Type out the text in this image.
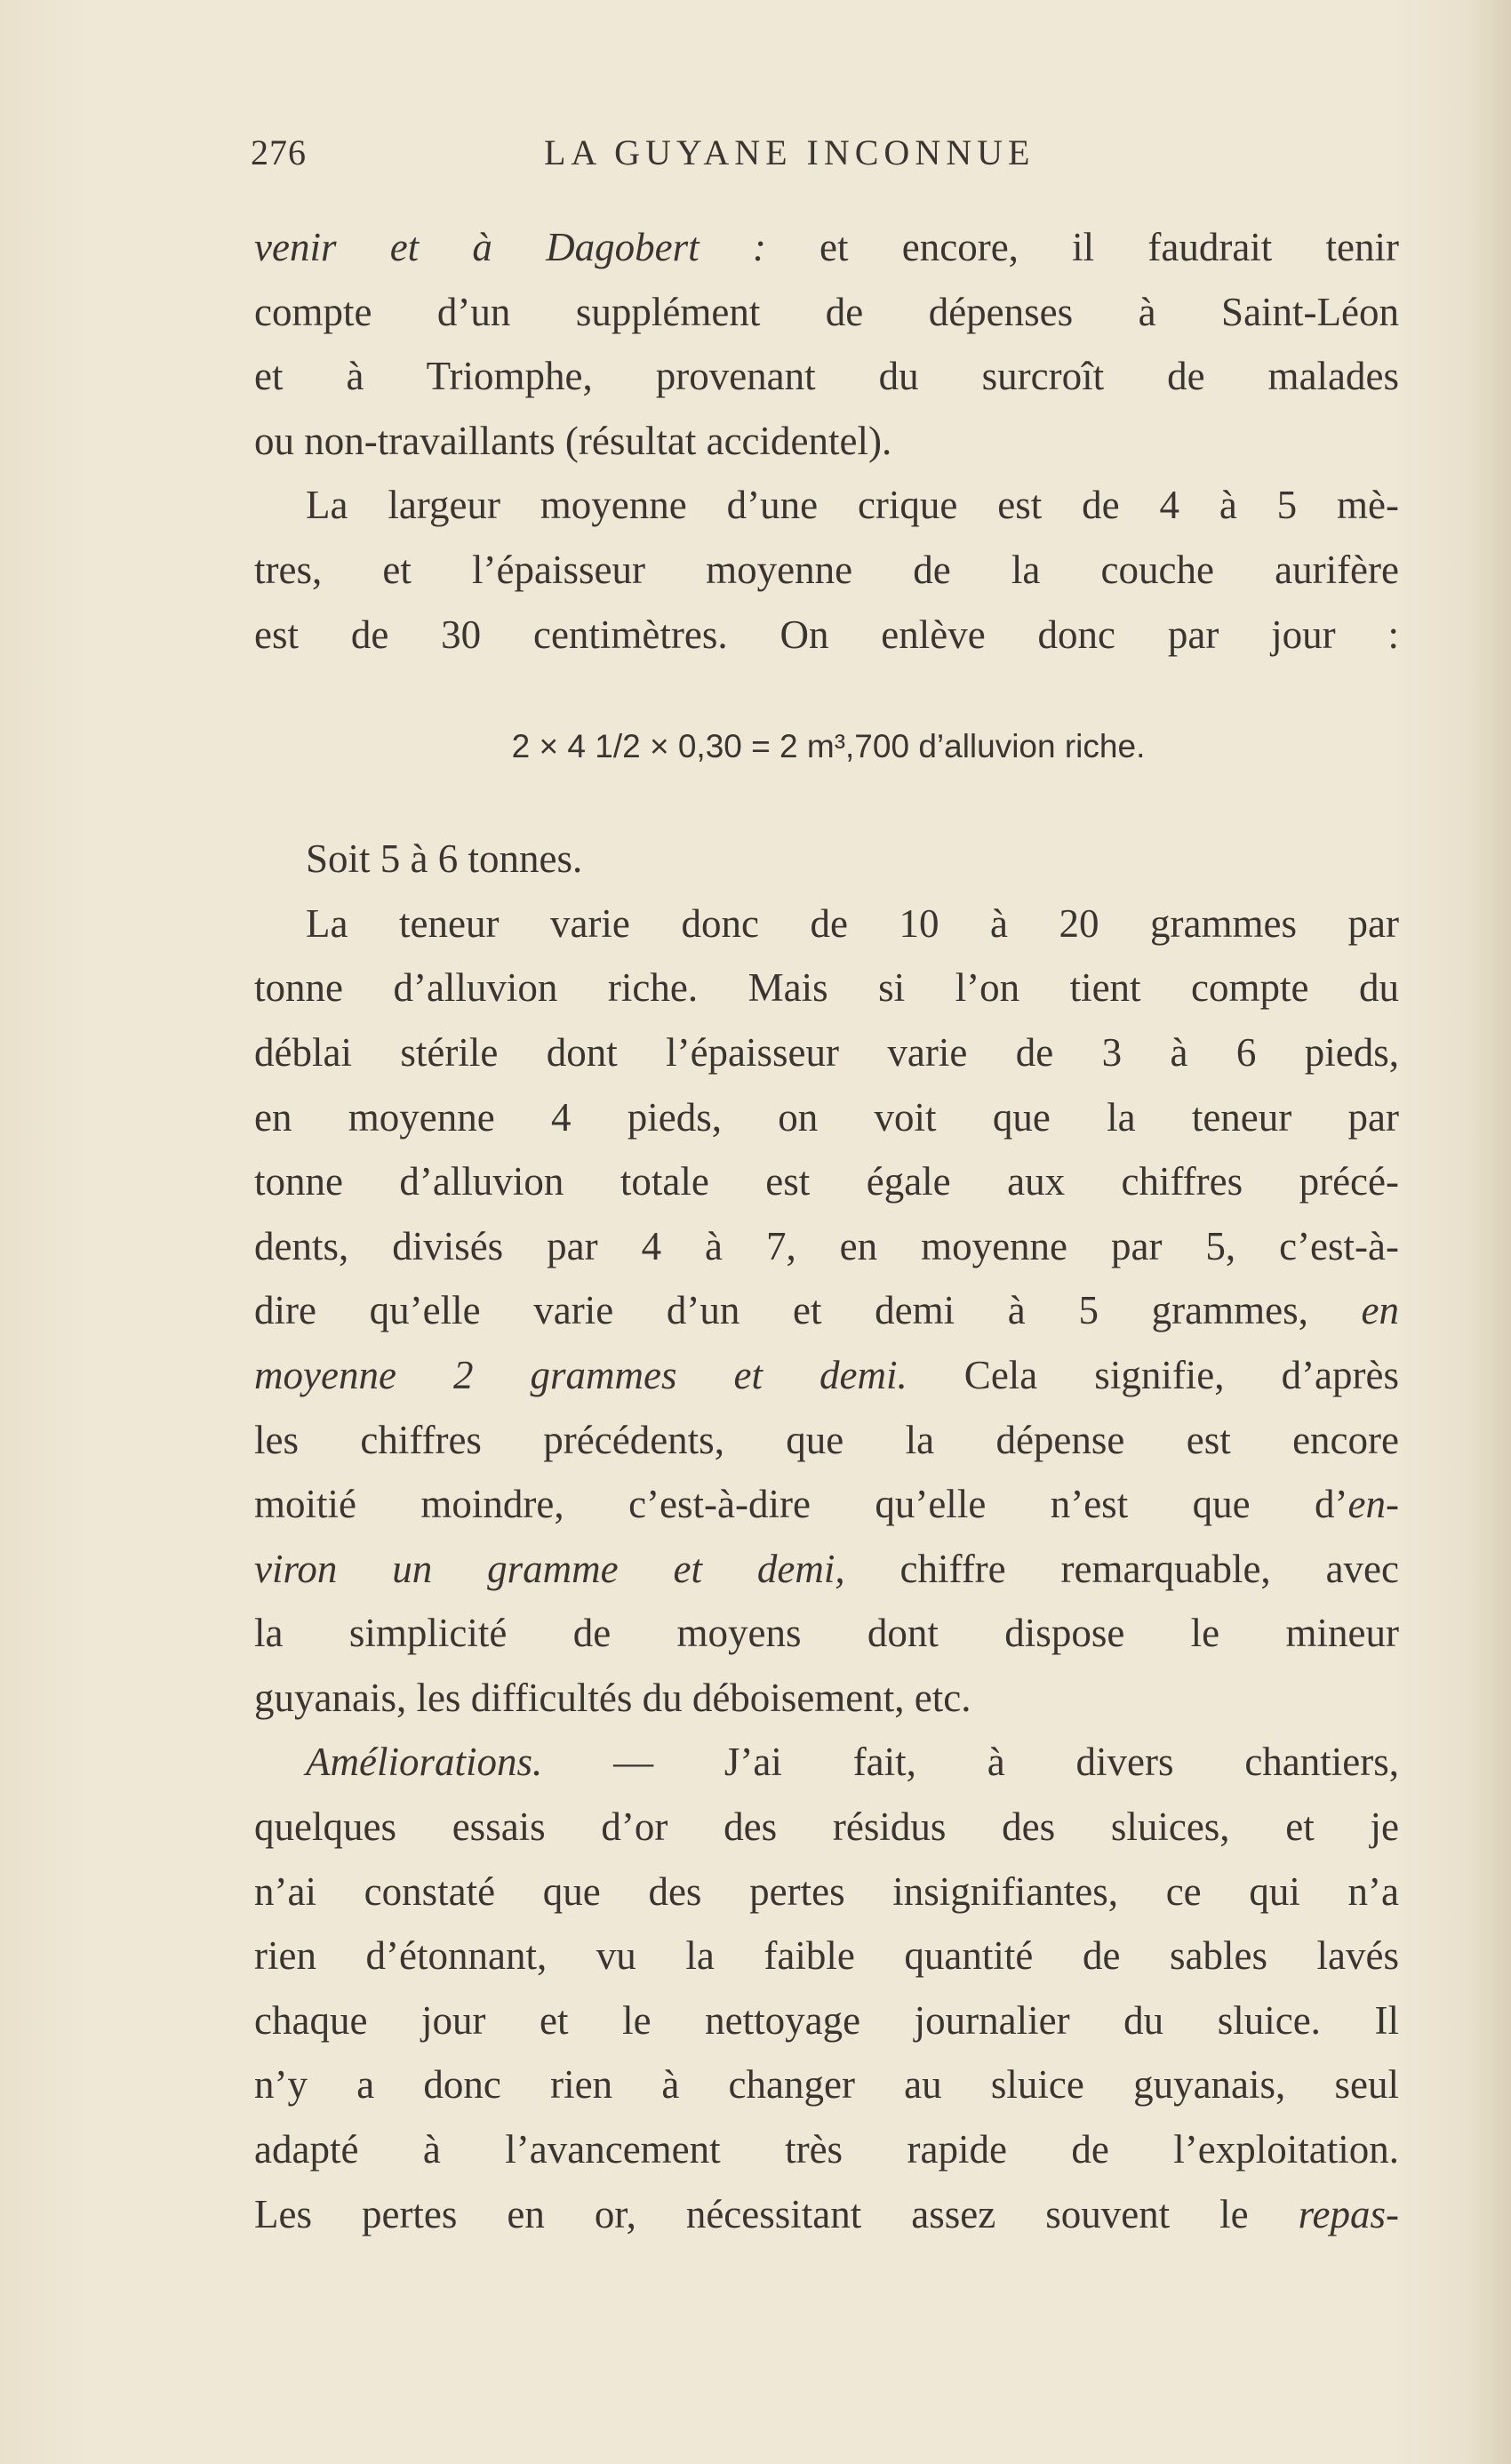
276	LA GUYANE INCONNUE
venir et à Dagobert : et encore, il faudrait tenir
compte d’un supplément de dépenses à Saint-Léon
et à Triomphe, provenant du surcroît de malades
ou non-travaillants (résultat accidentel).
La largeur moyenne d’une crique est de 4 à 5 mè-
tres, et l’épaisseur moyenne de la couche aurifère
est de 30 centimètres. On enlève donc par jour :
2 × 4 1/2 × 0,30 = 2 m³,700 d’alluvion riche.
Soit 5 à 6 tonnes.
La teneur varie donc de 10 à 20 grammes par
tonne d’alluvion riche. Mais si l’on tient compte du
déblai stérile dont l’épaisseur varie de 3 à 6 pieds,
en moyenne 4 pieds, on voit que la teneur par
tonne d’alluvion totale est égale aux chiffres précé-
dents, divisés par 4 à 7, en moyenne par 5, c’est-à-
dire qu’elle varie d’un et demi à 5 grammes, en
moyenne 2 grammes et demi. Cela signifie, d’après
les chiffres précédents, que la dépense est encore
moitié moindre, c’est-à-dire qu’elle n’est que d’en-
viron un gramme et demi, chiffre remarquable, avec
la simplicité de moyens dont dispose le mineur
guyanais, les difficultés du déboisement, etc.
Améliorations. — J’ai fait, à divers chantiers,
quelques essais d’or des résidus des sluices, et je
n’ai constaté que des pertes insignifiantes, ce qui n’a
rien d’étonnant, vu la faible quantité de sables lavés
chaque jour et le nettoyage journalier du sluice. Il
n’y a donc rien à changer au sluice guyanais, seul
adapté à l’avancement très rapide de l’exploitation.
Les pertes en or, nécessitant assez souvent le repas-
